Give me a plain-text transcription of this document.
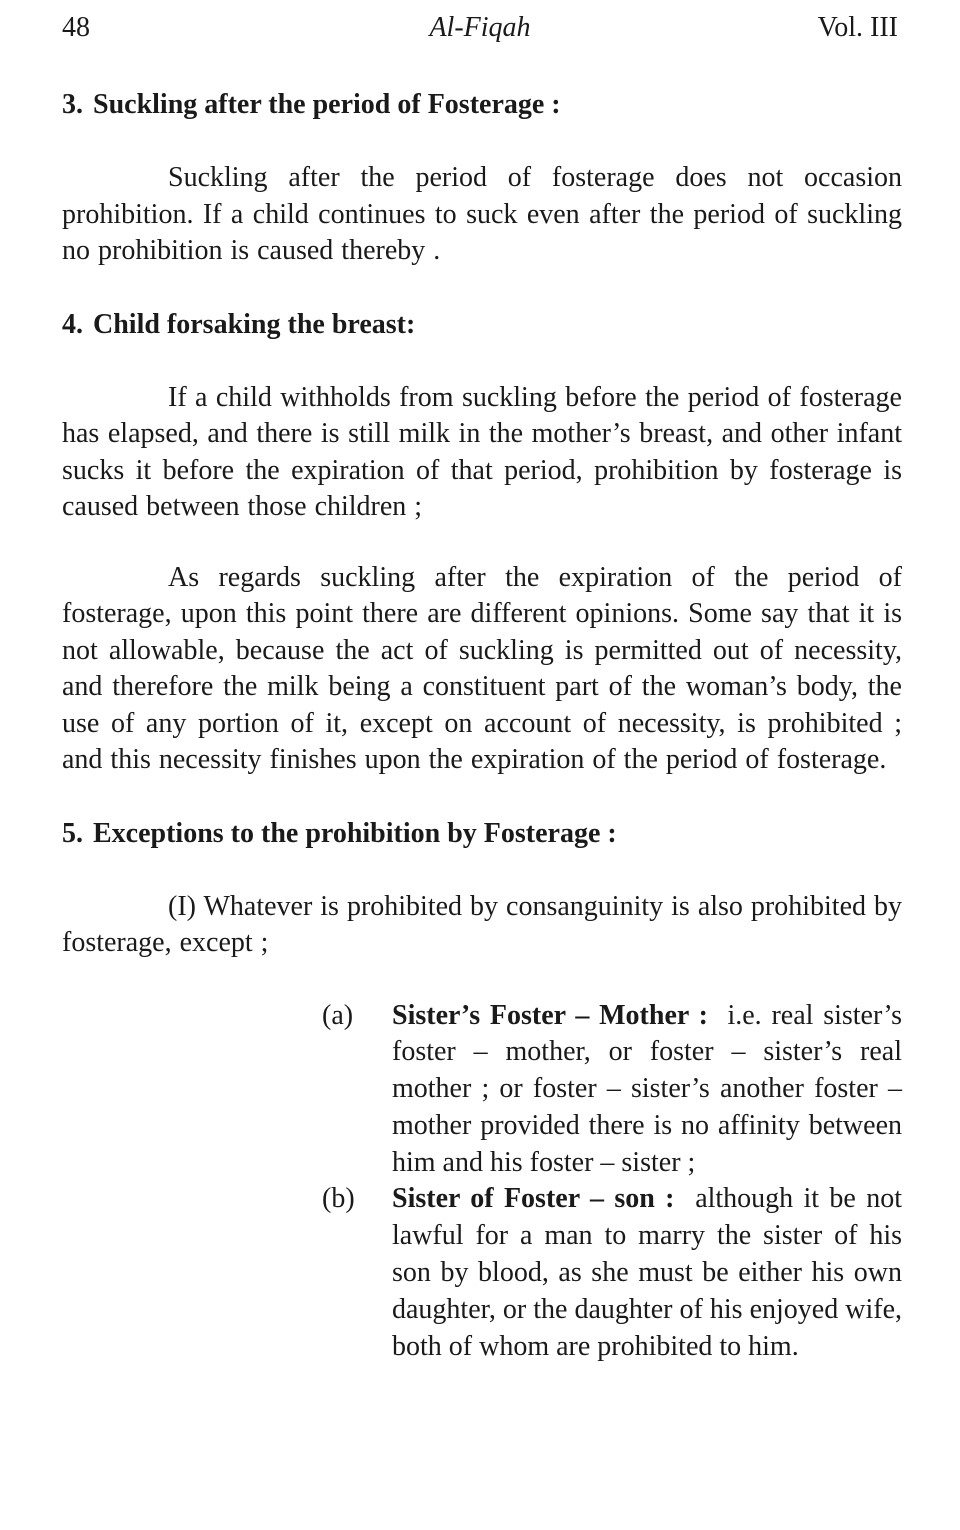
48	Al-Fiqah	Vol. III
3. Suckling after the period of Fosterage :

Suckling after the period of fosterage does not occasion prohibition. If a child continues to suck even after the period of suckling no prohibition is caused thereby .

4. Child forsaking the breast:

If a child withholds from suckling before the period of fosterage has elapsed, and there is still milk in the mother’s breast, and other infant sucks it before the expiration of that period, prohibition by fosterage is caused between those children ;

As regards suckling after the expiration of the period of fosterage, upon this point there are different opinions. Some say that it is not allowable, because the act of suckling is permitted out of necessity, and therefore the milk being a constituent part of the woman’s body, the use of any portion of it, except on account of necessity, is prohibited ; and this necessity finishes upon the expiration of the period of fosterage.

5. Exceptions to the prohibition by Fosterage :

(I) Whatever is prohibited by consanguinity is also prohibited by fosterage, except ;

(a)	Sister’s Foster – Mother : i.e. real sister’s foster – mother, or foster – sister’s real mother ; or foster – sister’s another foster – mother provided there is no affinity between him and his foster – sister ;
(b)	Sister of Foster – son : although it be not lawful for a man to marry the sister of his son by blood, as she must be either his own daughter, or the daughter of his enjoyed wife, both of whom are prohibited to him.
